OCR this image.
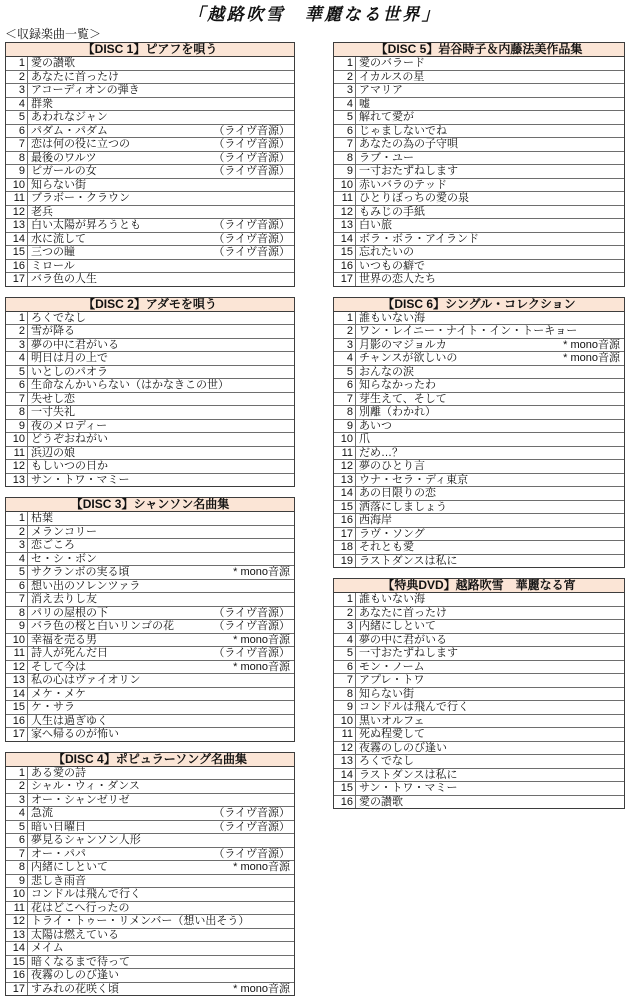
「越路吹雪　華麗なる世界」
＜収録楽曲一覧＞
【DISC 1】ピアフを唄う
1 愛の讃歌
2 あなたに首ったけ
3 アコーディオンの弾き
4 群衆
5 あわれなジャン
6 パダム・パダム	（ライヴ音源）
7 恋は何の役に立つの	（ライヴ音源）
8 最後のワルツ	（ライヴ音源）
9 ピガールの女	（ライヴ音源）
10 知らない街
11 ブラボー・クラウン
12 老兵
13 白い太陽が昇ろうとも	（ライヴ音源）
14 水に流して	（ライヴ音源）
15 三つの瞳	（ライヴ音源）
16 ミロール
17 バラ色の人生
【DISC 2】アダモを唄う
1 ろくでなし
2 雪が降る
3 夢の中に君がいる
4 明日は月の上で
5 いとしのパオラ
6 生命なんかいらない（はかなきこの世）
7 失せし恋
8 一寸失礼
9 夜のメロディー
10 どうぞおねがい
11 浜辺の娘
12 もしいつの日か
13 サン・トワ・マミー
【DISC 3】シャンソン名曲集
1 枯葉
2 メランコリー
3 恋ごころ
4 セ・シ・ボン
5 サクランボの実る頃	* mono音源
6 想い出のソレンツァラ
7 消え去りし友
8 パリの屋根の下	（ライヴ音源）
9 バラ色の桜と白いリンゴの花	（ライヴ音源）
10 幸福を売る男	* mono音源
11 詩人が死んだ日	（ライヴ音源）
12 そして今は	* mono音源
13 私の心はヴァイオリン
14 メケ・メケ
15 ケ・サラ
16 人生は過ぎゆく
17 家へ帰るのが怖い
【DISC 4】ポピュラーソング名曲集
1 ある愛の詩
2 シャル・ウィ・ダンス
3 オー・シャンゼリゼ
4 急流	（ライヴ音源）
5 暗い日曜日	（ライヴ音源）
6 夢見るシャンソン人形
7 オー・パパ	（ライヴ音源）
8 内緒にしといて	* mono音源
9 悲しき雨音
10 コンドルは飛んで行く
11 花はどこへ行ったの
12 トライ・トゥー・リメンバー（想い出そう）
13 太陽は燃えている
14 メイム
15 暗くなるまで待って
16 夜霧のしのび逢い
17 すみれの花咲く頃	* mono音源
【DISC 5】岩谷時子＆内藤法美作品集
1 愛のバラード
2 イカルスの星
3 アマリア
4 嘘
5 解れて愛が
6 じゃましないでね
7 あなたの為の子守唄
8 ラブ・ユー
9 一寸おたずねします
10 赤いバラのテッド
11 ひとりぼっちの愛の泉
12 もみじの手紙
13 白い旅
14 ボラ・ボラ・アイランド
15 忘れたいの
16 いつもの癖で
17 世界の恋人たち
【DISC 6】シングル・コレクション
1 誰もいない海
2 ワン・レイニー・ナイト・イン・トーキョー
3 月影のマジョルカ	* mono音源
4 チャンスが欲しいの	* mono音源
5 おんなの涙
6 知らなかったわ
7 芽生えて、そして
8 別離（わかれ）
9 あいつ
10 爪
11 だめ…？
12 夢のひとり言
13 ウナ・セラ・ディ東京
14 あの日限りの恋
15 洒落にしましょう
16 西海岸
17 ラヴ・ソング
18 それとも愛
19 ラストダンスは私に
【特典DVD】越路吹雪　華麗なる宵
1 誰もいない海
2 あなたに首ったけ
3 内緒にしといて
4 夢の中に君がいる
5 一寸おたずねします
6 モン・ノーム
7 アプレ・トワ
8 知らない街
9 コンドルは飛んで行く
10 黒いオルフェ
11 死ぬ程愛して
12 夜霧のしのび逢い
13 ろくでなし
14 ラストダンスは私に
15 サン・トワ・マミー
16 愛の讃歌
